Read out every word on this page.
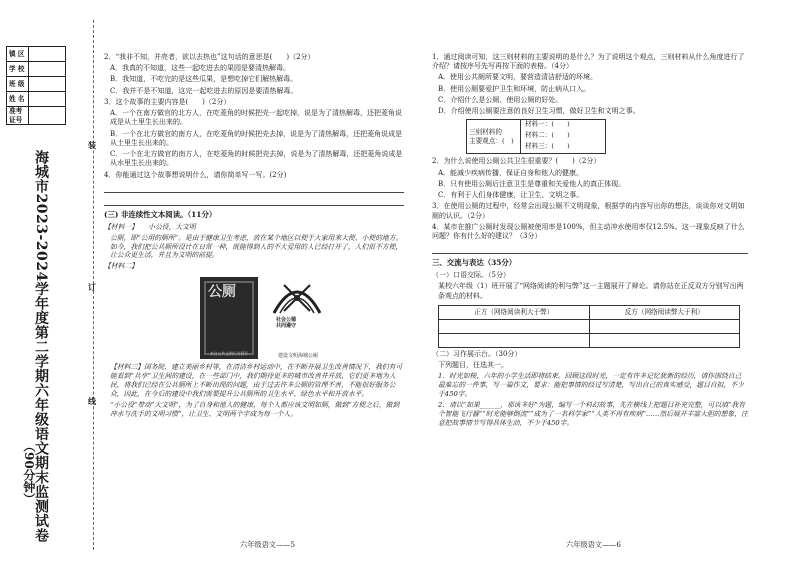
镇 区	
学 校	
班 级	
姓 名	
准考证号	
海城市2023-2024学年度第二学期六年级语文期末监测试卷
（90分钟）
装
订
线
2．“我非不知，并亮者，欲以去热也”这句话的意思是(　　)（2分）
A．我真的不知道，这些一起吃进去的果园是要清热解毒。
B．我知道，不吃完的是这些瓜果，是想吃掉它们解热解毒。
C．我并不是不知道，这完一起吃进去的原因是要清热解毒。
3．这个故事的主要内容是(　　)（2分）
A．一个在南方做官的北方人，在吃菱角的时候把壳一起吃掉，说是为了清热解毒，还把菱角说成是从土里生长出来的。
B．一个在北方做官的南方人，在吃菱角的时候把壳去掉，说是为了清热解毒，还把菱角说成是从土里生长出来的。
C．一个在北方做官的南方人，在吃菱角的时候把壳去掉，说是为了清热解毒，还把菱角说成是从水里生长出来的。
4．你能通过这个故事想说明什么，请你简单写一写。(2分)
(三) 非连续性文本阅读。（11分）
【材料一】　　小公役，大文明
公厕，即“公用的厕所”。是由于健康卫生考虑，放在某个地区以便于大家用来大便、小便的地方。如今，我们把公共厕所设计在日常一种，既能得到人的不大爱用的人已经打开了，人们很不方便，让公众更生活，并且为文明的前提。
【材料二】
公厕
来自公共文明行为倡导
社会公德
共同遵守
建设文明海城公厕
【材料三】国务院、建立美丽乡村等，在清洁乡村运动中，在不断开展卫生改善情况下，我们有可能看到“共享”卫生间的建设，在一些部门中，我们期待更多的城市改善并开放，它们更多地为人民，将我们已经在公共厕所上不断出现的问题，由于过去许多公厕的管理不善，不能很好服务公众，因此，在今后的建设中我们需要提升公共厕所的卫生水平、绿色水平和开放水平。
“小公役”带动“大文明”，为了自身和他人的健康，每个人都应该文明如厕，做到“方便之后，做到冲水与洗手的文明习惯”，让卫生、文明两个字成为每一个人。
六年级语文——5
1．通过阅读可知，这三则材料的主要说明的是什么？为了说明这个观点，三则材料从什么角度进行了介绍？请按序号先写再按下面的表格。（4分）
A．使用公共厕所要文明，要营造清洁舒适的环境。
B．使用公厕要爱护卫生和环境，防止病从口入。
C．介绍什么是公厕、使用公厕的好处。
D．介绍使用公厕要注意的良好卫生习惯，做好卫生和文明之事。
三则材料的
主要观点：(　)
材料一：(　　)
材料二：(　　)
材料三：(　　)
2．为什么说使用公厕公共卫生很重要？(　　)（2分）
A．能减少疾病传播，保证自身和他人的健康。
B．只有使用公厕后注意卫生是尊重和关爱他人的真正体现。
C．有利于人们身体健康，让卫生、文明之事。
3．在使用公厕的过程中，经常会出现公厕不文明现象，根据学的内容写出你的想法，谈谈你对文明如厕的认识。（2分）
4．某市在推广公厕时发现公厕被使用率是100%，但主动冲水使用率仅12.5%。这一现象反映了什么问题？你有什么好的建议？（3分）
三、交流与表达（35分）
（一）口语交际。（5分）
某校六年级（1）班开展了“网络阅读的利与弊”这一主题展开了辩论。请你站在正反双方分别写出两条观点的材料。
正方（网络阅读利大于弊）	反方（网络阅读弊大于利）

（二）习作展示台。（30分）
下列题目，任选其一。
1．时光如梭，六年的小学生活即将结束。回顾这段时光，一定有许多记忆犹新的经历，请你围绕自己最难忘的一件事，写一篇作文，要求：能把事情的经过写清楚，写出自己的真实感受，题目自拟，不少于450字。
2．请以“如果______，那该多好”为题，编写一个科幻故事，先在横线上把题目补充完整，可以填“我有个智能飞行器”“时光能够倒流”“成为了一名科学家”“人类不再有疾病”……然后展开丰富大胆的想象，注意把故事情节写得具体生动，不少于450字。
六年级语文——6
